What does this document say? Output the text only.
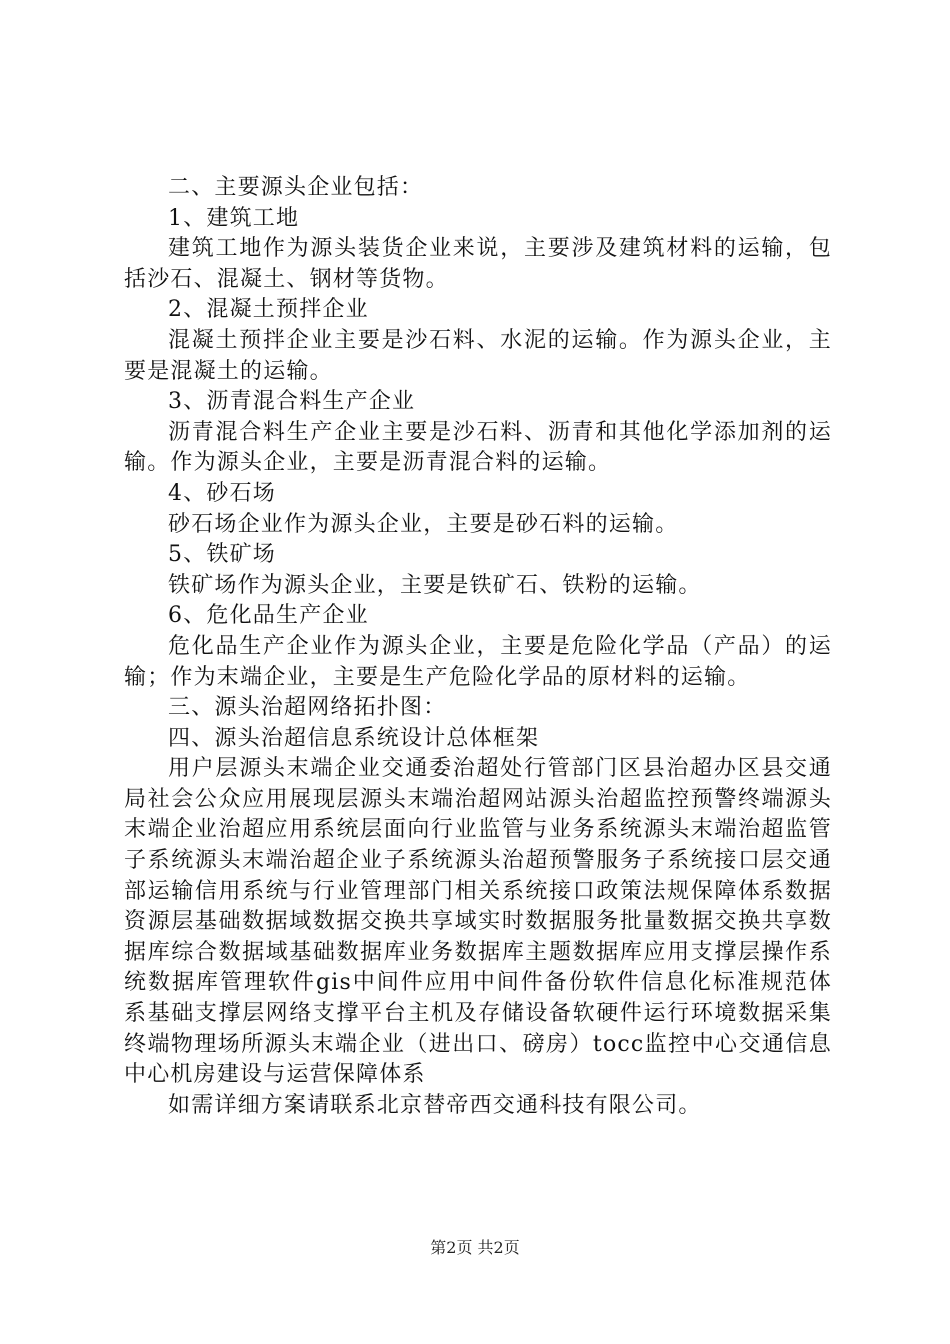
二、主要源头企业包括：

1、建筑工地

建筑工地作为源头装货企业来说，主要涉及建筑材料的运输，包括沙石、混凝土、钢材等货物。

2、混凝土预拌企业

混凝土预拌企业主要是沙石料、水泥的运输。作为源头企业，主要是混凝土的运输。

3、沥青混合料生产企业

沥青混合料生产企业主要是沙石料、沥青和其他化学添加剂的运输。作为源头企业，主要是沥青混合料的运输。

4、砂石场

砂石场企业作为源头企业，主要是砂石料的运输。

5、铁矿场

铁矿场作为源头企业，主要是铁矿石、铁粉的运输。

6、危化品生产企业

危化品生产企业作为源头企业，主要是危险化学品（产品）的运输；作为末端企业，主要是生产危险化学品的原材料的运输。

三、源头治超网络拓扑图：

四、源头治超信息系统设计总体框架

用户层源头末端企业交通委治超处行管部门区县治超办区县交通局社会公众应用展现层源头末端治超网站源头治超监控预警终端源头末端企业治超应用系统层面向行业监管与业务系统源头末端治超监管子系统源头末端治超企业子系统源头治超预警服务子系统接口层交通部运输信用系统与行业管理部门相关系统接口政策法规保障体系数据资源层基础数据域数据交换共享域实时数据服务批量数据交换共享数据库综合数据域基础数据库业务数据库主题数据库应用支撑层操作系统数据库管理软件gis中间件应用中间件备份软件信息化标准规范体系基础支撑层网络支撑平台主机及存储设备软硬件运行环境数据采集终端物理场所源头末端企业（进出口、磅房）tocc监控中心交通信息中心机房建设与运营保障体系

如需详细方案请联系北京替帝西交通科技有限公司。

第2页 共2页
